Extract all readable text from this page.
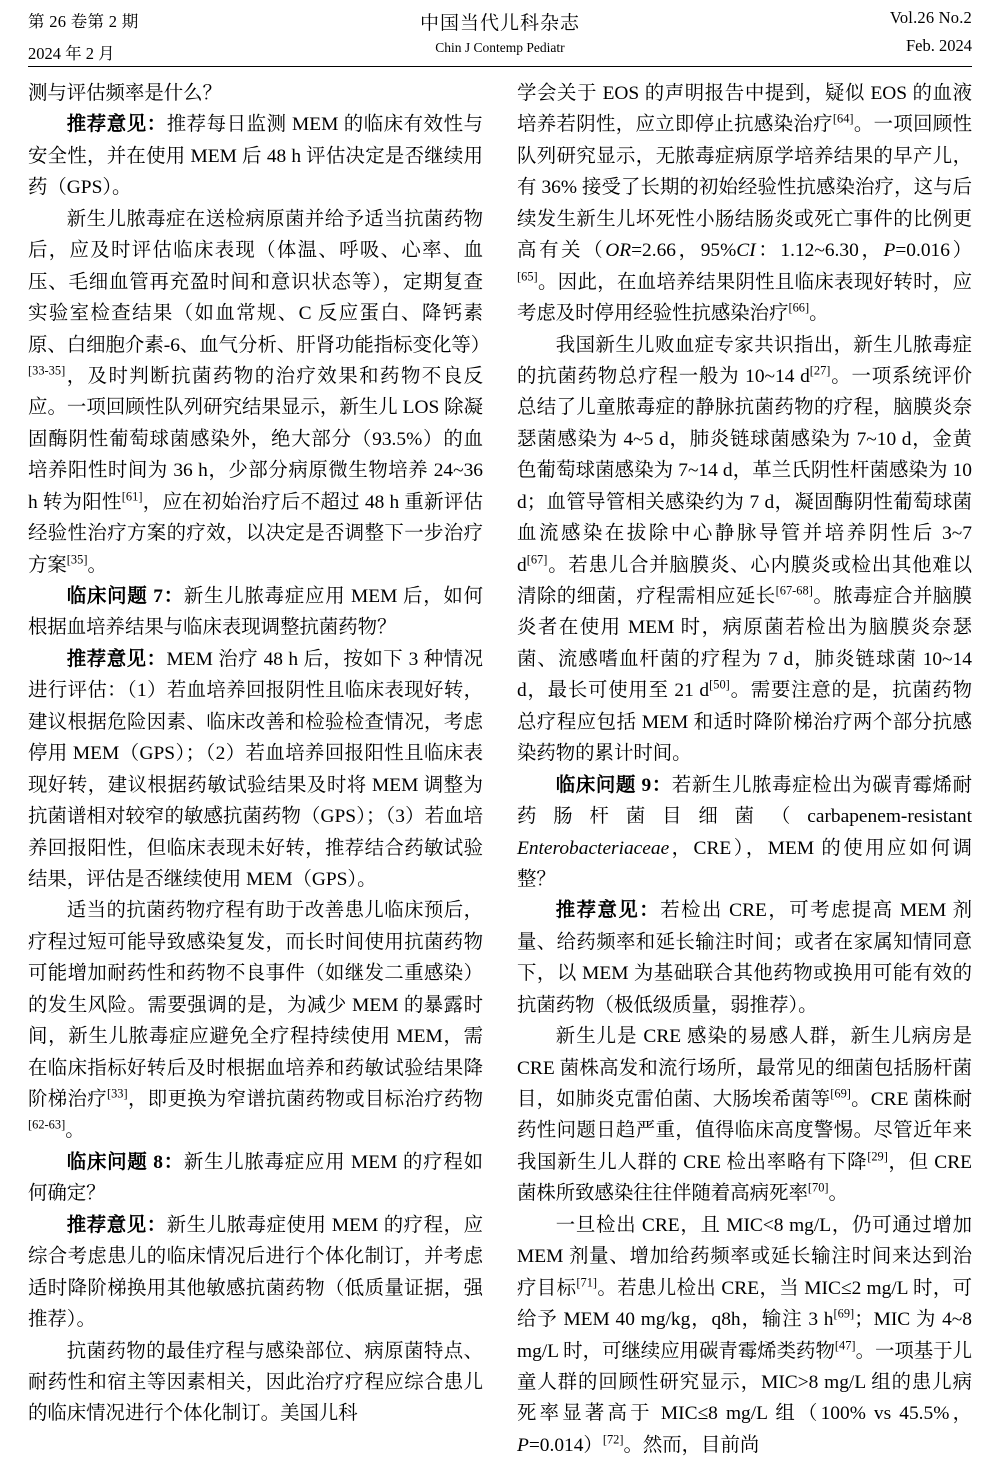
第 26 卷第 2 期
2024 年 2 月
中国当代儿科杂志
Chin J Contemp Pediatr
Vol.26 No.2
Feb. 2024

测与评估频率是什么？

推荐意见：推荐每日监测 MEM 的临床有效性与安全性，并在使用 MEM 后 48 h 评估决定是否继续用药（GPS）。

新生儿脓毒症在送检病原菌并给予适当抗菌药物后，应及时评估临床表现（体温、呼吸、心率、血压、毛细血管再充盈时间和意识状态等），定期复查实验室检查结果（如血常规、C 反应蛋白、降钙素原、白细胞介素-6、血气分析、肝肾功能指标变化等）[33-35]，及时判断抗菌药物的治疗效果和药物不良反应。一项回顾性队列研究结果显示，新生儿 LOS 除凝固酶阴性葡萄球菌感染外，绝大部分（93.5%）的血培养阳性时间为 36 h，少部分病原微生物培养 24~36 h 转为阳性[61]，应在初始治疗后不超过 48 h 重新评估经验性治疗方案的疗效，以决定是否调整下一步治疗方案[35]。

临床问题 7：新生儿脓毒症应用 MEM 后，如何根据血培养结果与临床表现调整抗菌药物？

推荐意见：MEM 治疗 48 h 后，按如下 3 种情况进行评估：（1）若血培养回报阴性且临床表现好转，建议根据危险因素、临床改善和检验检查情况，考虑停用 MEM（GPS）；（2）若血培养回报阳性且临床表现好转，建议根据药敏试验结果及时将 MEM 调整为抗菌谱相对较窄的敏感抗菌药物（GPS）；（3）若血培养回报阳性，但临床表现未好转，推荐结合药敏试验结果，评估是否继续使用 MEM（GPS）。

适当的抗菌药物疗程有助于改善患儿临床预后，疗程过短可能导致感染复发，而长时间使用抗菌药物可能增加耐药性和药物不良事件（如继发二重感染）的发生风险。需要强调的是，为减少 MEM 的暴露时间，新生儿脓毒症应避免全疗程持续使用 MEM，需在临床指标好转后及时根据血培养和药敏试验结果降阶梯治疗[33]，即更换为窄谱抗菌药物或目标治疗药物[62-63]。

临床问题 8：新生儿脓毒症应用 MEM 的疗程如何确定？

推荐意见：新生儿脓毒症使用 MEM 的疗程，应综合考虑患儿的临床情况后进行个体化制订，并考虑适时降阶梯换用其他敏感抗菌药物（低质量证据，强推荐）。

抗菌药物的最佳疗程与感染部位、病原菌特点、耐药性和宿主等因素相关，因此治疗疗程应综合患儿的临床情况进行个体化制订。美国儿科

学会关于 EOS 的声明报告中提到，疑似 EOS 的血液培养若阴性，应立即停止抗感染治疗[64]。一项回顾性队列研究显示，无脓毒症病原学培养结果的早产儿，有 36% 接受了长期的初始经验性抗感染治疗，这与后续发生新生儿坏死性小肠结肠炎或死亡事件的比例更高有关（OR=2.66，95%CI：1.12~6.30，P=0.016）[65]。因此，在血培养结果阴性且临床表现好转时，应考虑及时停用经验性抗感染治疗[66]。

我国新生儿败血症专家共识指出，新生儿脓毒症的抗菌药物总疗程一般为 10~14 d[27]。一项系统评价总结了儿童脓毒症的静脉抗菌药物的疗程，脑膜炎奈瑟菌感染为 4~5 d，肺炎链球菌感染为 7~10 d，金黄色葡萄球菌感染为 7~14 d，革兰氏阴性杆菌感染为 10 d；血管导管相关感染约为 7 d，凝固酶阴性葡萄球菌血流感染在拔除中心静脉导管并培养阴性后 3~7 d[67]。若患儿合并脑膜炎、心内膜炎或检出其他难以清除的细菌，疗程需相应延长[67-68]。脓毒症合并脑膜炎者在使用 MEM 时，病原菌若检出为脑膜炎奈瑟菌、流感嗜血杆菌的疗程为 7 d，肺炎链球菌 10~14 d，最长可使用至 21 d[50]。需要注意的是，抗菌药物总疗程应包括 MEM 和适时降阶梯治疗两个部分抗感染药物的累计时间。

临床问题 9：若新生儿脓毒症检出为碳青霉烯耐药肠杆菌目细菌（carbapenem-resistant Enterobacteriaceae，CRE），MEM 的使用应如何调整？

推荐意见：若检出 CRE，可考虑提高 MEM 剂量、给药频率和延长输注时间；或者在家属知情同意下，以 MEM 为基础联合其他药物或换用可能有效的抗菌药物（极低级质量，弱推荐）。

新生儿是 CRE 感染的易感人群，新生儿病房是 CRE 菌株高发和流行场所，最常见的细菌包括肠杆菌目，如肺炎克雷伯菌、大肠埃希菌等[69]。CRE 菌株耐药性问题日趋严重，值得临床高度警惕。尽管近年来我国新生儿人群的 CRE 检出率略有下降[29]，但 CRE 菌株所致感染往往伴随着高病死率[70]。

一旦检出 CRE，且 MIC<8 mg/L，仍可通过增加 MEM 剂量、增加给药频率或延长输注时间来达到治疗目标[71]。若患儿检出 CRE，当 MIC≤2 mg/L 时，可给予 MEM 40 mg/kg，q8h，输注 3 h[69]；MIC 为 4~8 mg/L 时，可继续应用碳青霉烯类药物[47]。一项基于儿童人群的回顾性研究显示，MIC>8 mg/L 组的患儿病死率显著高于 MIC≤8 mg/L 组（100% vs 45.5%，P=0.014）[72]。然而，目前尚
